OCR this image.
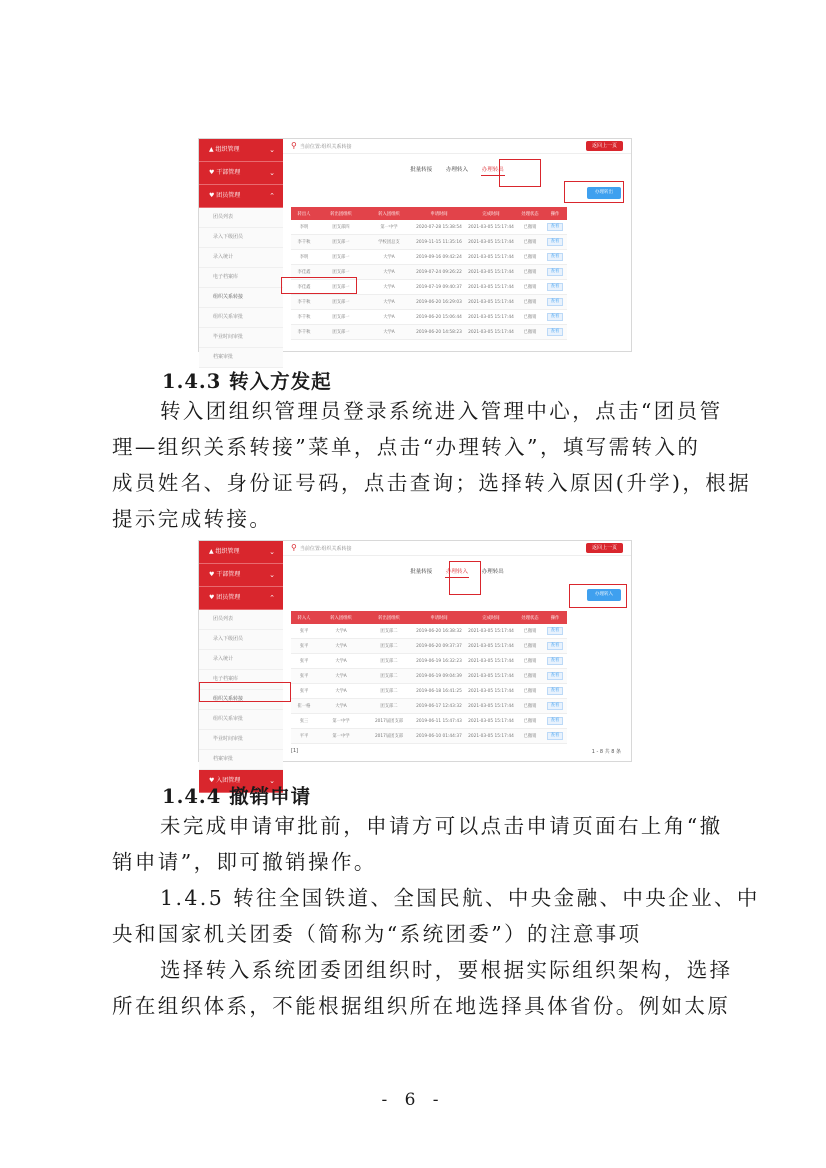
▲ 组织管理	⌄
♥ 干部管理	⌄
♥ 团员管理	⌃
团员列表
录入下级团员
录入统计
电子档案库
组织关系转接
组织关系审批
毕业时间审批
档案审批
⚲ 当前位置:组织关系转接	返回上一页
批量转接	办理转入	办理转出
办理转出
转出人	转出团组织	转入团组织	申请时间	完成时间	处理状态	操作
李明	团支部四	第一中学	2020-07-28 15:38:54	2021-03-05 15:17:44	已撤销	查看
李千秋	团支部一	学校团总支	2019-11-15 11:35:16	2021-03-05 15:17:44	已撤销	查看
李明	团支部一	大学A	2019-09-16 09:42:24	2021-03-05 15:17:44	已撤销	查看
李佳鑫	团支部一	大学A	2019-07-24 09:26:22	2021-03-05 15:17:44	已撤销	查看
李佳鑫	团支部一	大学A	2019-07-19 09:40:37	2021-03-05 15:17:44	已撤销	查看
李千秋	团支部一	大学A	2019-06-20 16:29:03	2021-03-05 15:17:44	已撤销	查看
李千秋	团支部一	大学A	2019-06-20 15:06:44	2021-03-05 15:17:44	已撤销	查看
李千秋	团支部一	大学A	2019-06-20 14:58:23	2021-03-05 15:17:44	已撤销	查看
1.4.3 转入方发起

转入团组织管理员登录系统进入管理中心，点击“团员管

理—组织关系转接”菜单，点击“办理转入”，填写需转入的

成员姓名、身份证号码，点击查询；选择转入原因(升学)，根据

提示完成转接。

▲ 组织管理	⌄
♥ 干部管理	⌄
♥ 团员管理	⌃
团员列表
录入下级团员
录入统计
电子档案库
组织关系转接
组织关系审批
毕业时间审批
档案审批
♥ 入团管理	⌄
⚲ 当前位置:组织关系转接	返回上一页
批量转接	办理转入	办理转出
办理转入
转入人	转入团组织	转出团组织	申请时间	完成时间	处理状态	操作
张平	大学A	团支部二	2019-06-20 16:38:32	2021-03-05 15:17:44	已撤销	查看
张平	大学A	团支部二	2019-06-20 09:37:37	2021-03-05 15:17:44	已撤销	查看
张平	大学A	团支部二	2019-06-19 16:32:23	2021-03-05 15:17:44	已撤销	查看
张平	大学A	团支部二	2019-06-19 09:04:39	2021-03-05 15:17:44	已撤销	查看
张平	大学A	团支部二	2019-06-18 16:41:25	2021-03-05 15:17:44	已撤销	查看
崔一格	大学A	团支部二	2019-06-17 12:43:32	2021-03-05 15:17:44	已撤销	查看
张三	第一中学	2017届团支部	2019-06-11 15:47:43	2021-03-05 15:17:44	已撤销	查看
平平	第一中学	2017届团支部	2019-06-10 01:44:37	2021-03-05 15:17:44	已撤销	查看
[1]	1 - 8 共 8 条
1.4.4 撤销申请

未完成申请审批前，申请方可以点击申请页面右上角“撤

销申请”，即可撤销操作。

1.4.5 转往全国铁道、全国民航、中央金融、中央企业、中

央和国家机关团委（简称为“系统团委”）的注意事项

选择转入系统团委团组织时，要根据实际组织架构，选择

所在组织体系，不能根据组织所在地选择具体省份。例如太原

- 6 -
